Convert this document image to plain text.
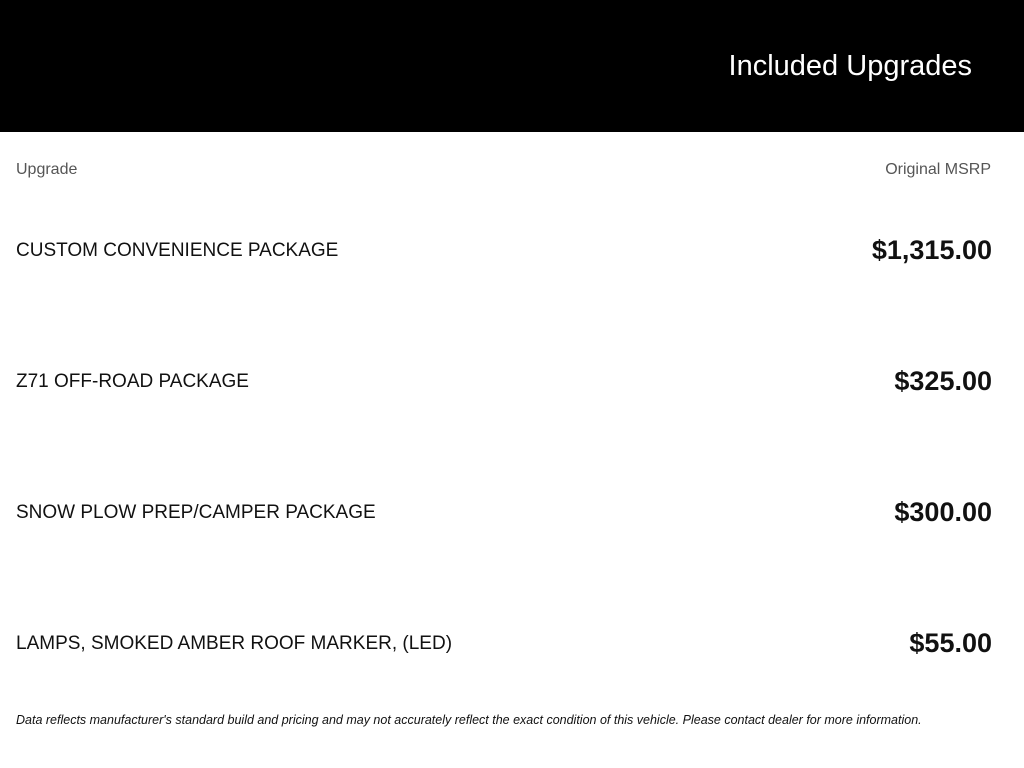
Included Upgrades
Upgrade	Original MSRP
CUSTOM CONVENIENCE PACKAGE	$1,315.00
Z71 OFF-ROAD PACKAGE	$325.00
SNOW PLOW PREP/CAMPER PACKAGE	$300.00
LAMPS, SMOKED AMBER ROOF MARKER, (LED)	$55.00
Data reflects manufacturer's standard build and pricing and may not accurately reflect the exact condition of this vehicle. Please contact dealer for more information.
